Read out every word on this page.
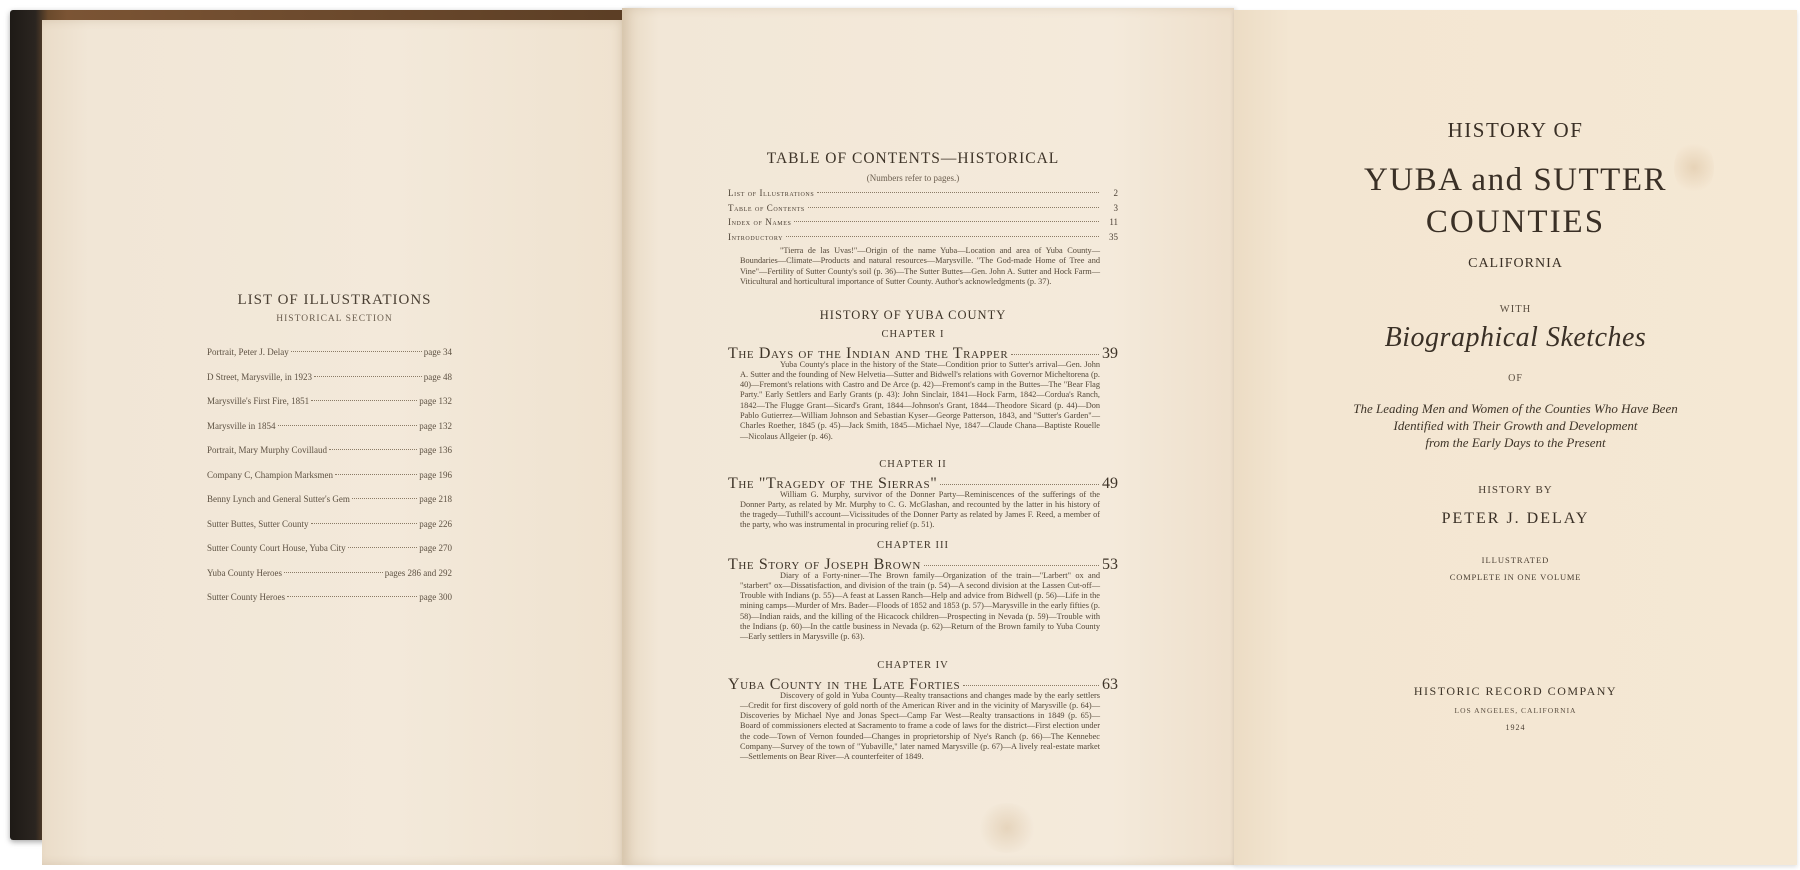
LIST OF ILLUSTRATIONS
HISTORICAL SECTION
Portrait, Peter J. Delay	page 34
D Street, Marysville, in 1923	page 48
Marysville's First Fire, 1851	page 132
Marysville in 1854	page 132
Portrait, Mary Murphy Covillaud	page 136
Company C, Champion Marksmen	page 196
Benny Lynch and General Sutter's Gem	page 218
Sutter Buttes, Sutter County	page 226
Sutter County Court House, Yuba City	page 270
Yuba County Heroes	pages 286 and 292
Sutter County Heroes	page 300
TABLE OF CONTENTS—HISTORICAL
(Numbers refer to pages.)
List of Illustrations	2
Table of Contents	3
Index of Names	11
Introductory	35
"Tierra de las Uvas!"—Origin of the name Yuba—Location and area of Yuba County—Boundaries—Climate—Products and natural resources—Marysville. "The God-made Home of Tree and Vine"—Fertility of Sutter County's soil (p. 36)—The Sutter Buttes—Gen. John A. Sutter and Hock Farm—Viticultural and horticultural importance of Sutter County. Author's acknowledgments (p. 37).
HISTORY OF YUBA COUNTY
CHAPTER I
The Days of the Indian and the Trapper	39
Yuba County's place in the history of the State—Condition prior to Sutter's arrival—Gen. John A. Sutter and the founding of New Helvetia—Sutter and Bidwell's relations with Governor Micheltorena (p. 40)—Fremont's relations with Castro and De Arce (p. 42)—Fremont's camp in the Buttes—The "Bear Flag Party." Early Settlers and Early Grants (p. 43): John Sinclair, 1841—Hock Farm, 1842—Cordua's Ranch, 1842—The Flugge Grant—Sicard's Grant, 1844—Johnson's Grant, 1844—Theodore Sicard (p. 44)—Don Pablo Gutierrez—William Johnson and Sebastian Kyser—George Patterson, 1843, and "Sutter's Garden"—Charles Roether, 1845 (p. 45)—Jack Smith, 1845—Michael Nye, 1847—Claude Chana—Baptiste Rouelle—Nicolaus Allgeier (p. 46).
CHAPTER II
The "Tragedy of the Sierras"	49
William G. Murphy, survivor of the Donner Party—Reminiscences of the sufferings of the Donner Party, as related by Mr. Murphy to C. G. McGlashan, and recounted by the latter in his history of the tragedy—Tuthill's account—Vicissitudes of the Donner Party as related by James F. Reed, a member of the party, who was instrumental in procuring relief (p. 51).
CHAPTER III
The Story of Joseph Brown	53
Diary of a Forty-niner—The Brown family—Organization of the train—"Larbert" ox and "starbert" ox—Dissatisfaction, and division of the train (p. 54)—A second division at the Lassen Cut-off—Trouble with Indians (p. 55)—A feast at Lassen Ranch—Help and advice from Bidwell (p. 56)—Life in the mining camps—Murder of Mrs. Bader—Floods of 1852 and 1853 (p. 57)—Marysville in the early fifties (p. 58)—Indian raids, and the killing of the Hicacock children—Prospecting in Nevada (p. 59)—Trouble with the Indians (p. 60)—In the cattle business in Nevada (p. 62)—Return of the Brown family to Yuba County—Early settlers in Marysville (p. 63).
CHAPTER IV
Yuba County in the Late Forties	63
Discovery of gold in Yuba County—Realty transactions and changes made by the early settlers—Credit for first discovery of gold north of the American River and in the vicinity of Marysville (p. 64)—Discoveries by Michael Nye and Jonas Spect—Camp Far West—Realty transactions in 1849 (p. 65)—Board of commissioners elected at Sacramento to frame a code of laws for the district—First election under the code—Town of Vernon founded—Changes in proprietorship of Nye's Ranch (p. 66)—The Kennebec Company—Survey of the town of "Yubaville," later named Marysville (p. 67)—A lively real-estate market—Settlements on Bear River—A counterfeiter of 1849.
HISTORY OF
YUBA and SUTTER
COUNTIES
CALIFORNIA
WITH
Biographical Sketches
OF
The Leading Men and Women of the Counties Who Have Been
Identified with Their Growth and Development
from the Early Days to the Present
HISTORY BY
PETER J. DELAY
ILLUSTRATED
COMPLETE IN ONE VOLUME
HISTORIC RECORD COMPANY
LOS ANGELES, CALIFORNIA
1924
